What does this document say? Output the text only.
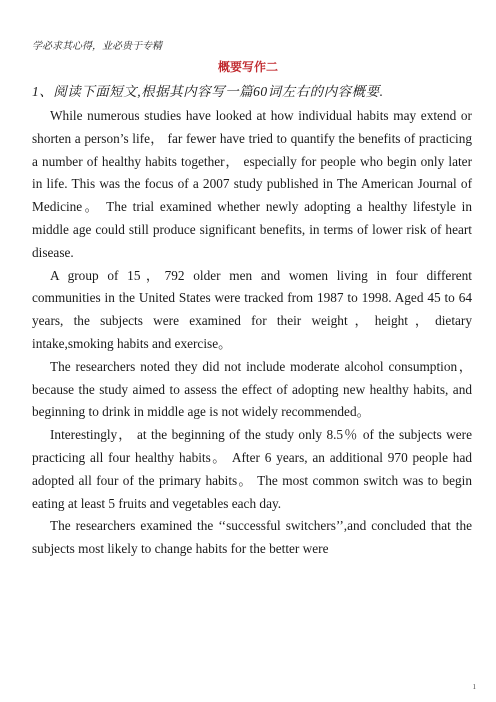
学必求其心得，业必贵于专精
概要写作二
1、阅读下面短文,根据其内容写一篇60词左右的内容概要.

While numerous studies have looked at how individual habits may extend or shorten a person’s life， far fewer have tried to quantify the benefits of practicing a number of healthy habits together， especially for people who begin only later in life. This was the focus of a 2007 study published in The American Journal of Medicine。 The trial examined whether newly adopting a healthy lifestyle in middle age could still produce significant benefits, in terms of lower risk of heart disease.

A group of 15，792 older men and women living in four different communities in the United States were tracked from 1987 to 1998. Aged 45 to 64 years, the subjects were examined for their weight，height，dietary intake,smoking habits and exercise。

The researchers noted they did not include moderate alcohol consumption， because the study aimed to assess the effect of adopting new healthy habits, and beginning to drink in middle age is not widely recommended。

Interestingly， at the beginning of the study only 8.5％ of the subjects were practicing all four healthy habits。 After 6 years, an additional 970 people had adopted all four of the primary habits。 The most common switch was to begin eating at least 5 fruits and vegetables each day.

The researchers examined the ‘‘successful switchers’’,and concluded that the subjects most likely to change habits for the better were

1
